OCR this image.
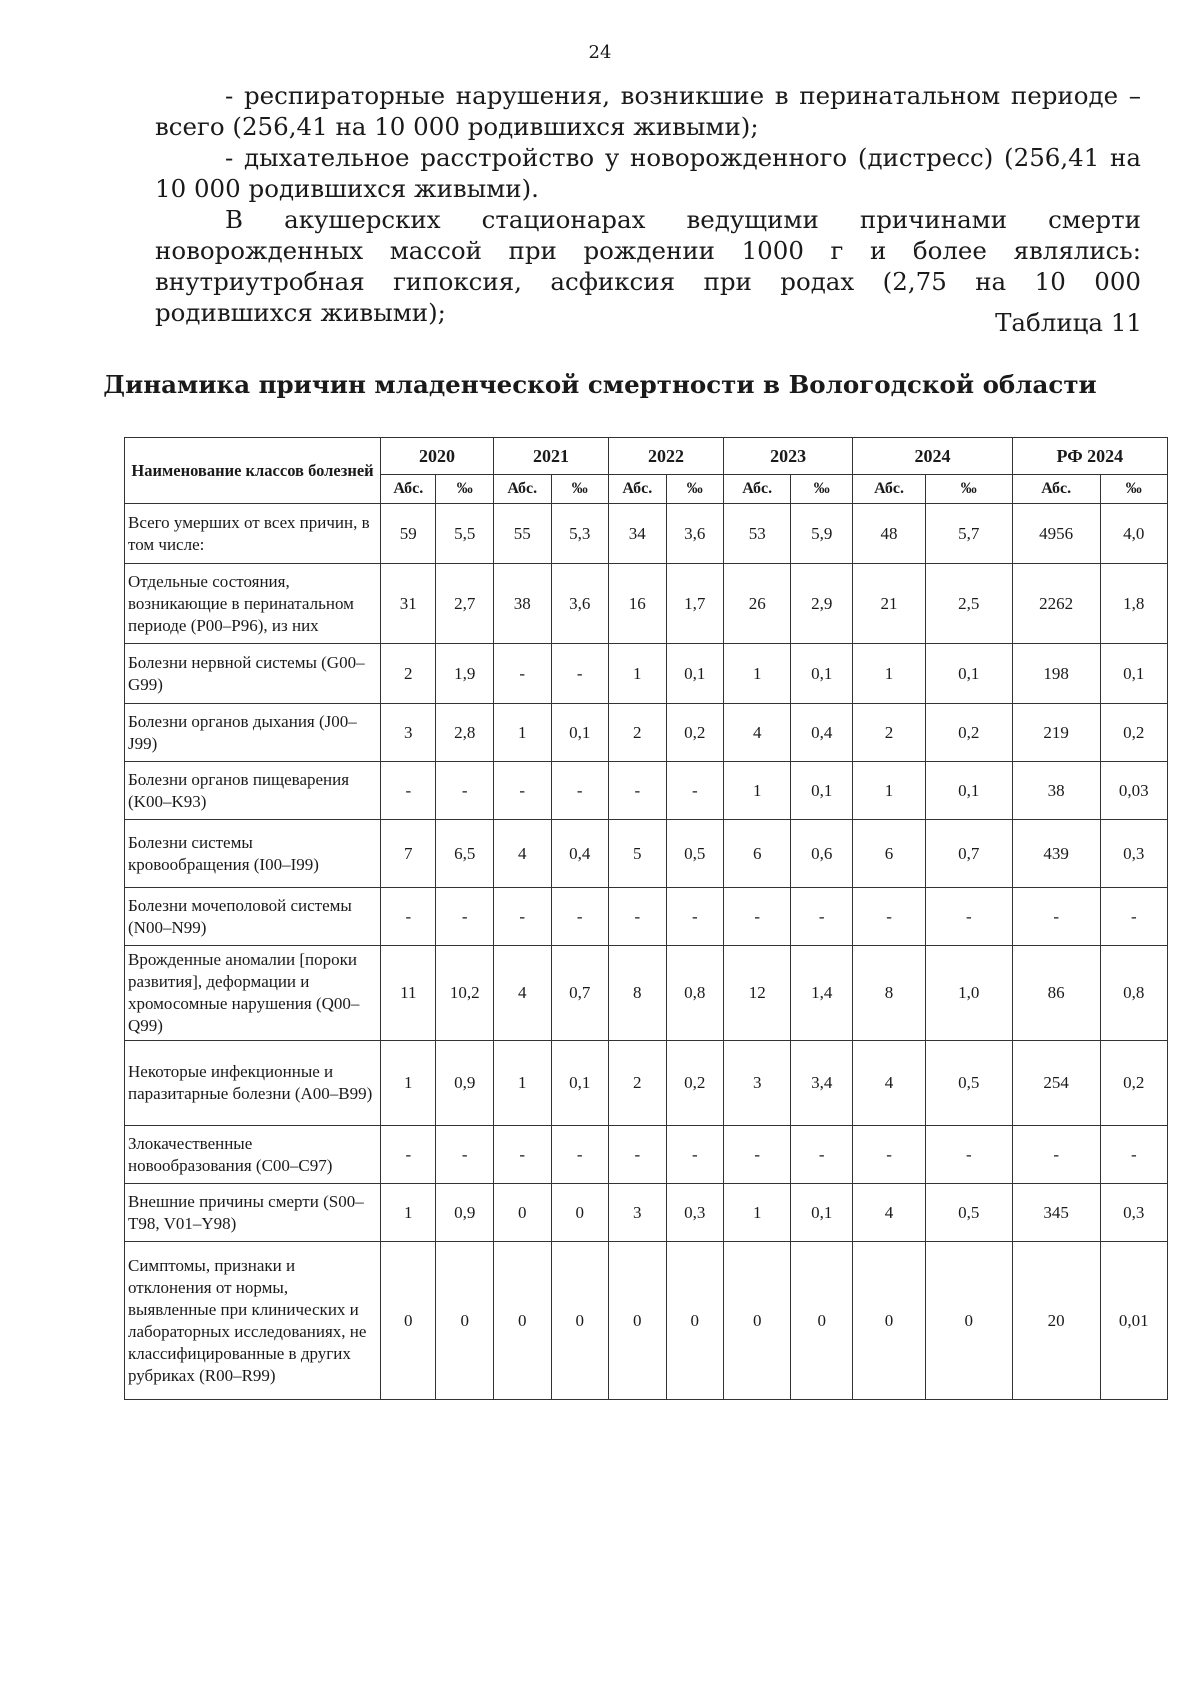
24

- респираторные нарушения, возникшие в перинатальном периоде – всего (256,41 на 10 000 родившихся живыми);

- дыхательное расстройство у новорожденного (дистресс) (256,41 на 10 000 родившихся живыми).

В акушерских стационарах ведущими причинами смерти новорожденных массой при рождении 1000 г и более являлись: внутриутробная гипоксия, асфиксия при родах (2,75 на 10 000 родившихся живыми);	Таблица 11
Динамика причин младенческой смертности в Вологодской области
Наименование классов болезней	2020		2021		2022		2023		2024		РФ 2024	
	Абс.	‰	Абс.	‰	Абс.	‰	Абс.	‰	Абс.	‰	Абс.	‰
Всего умерших от всех причин, в том числе:	59	5,5	55	5,3	34	3,6	53	5,9	48	5,7	4956	4,0
Отдельные состояния, возникающие в перинатальном периоде (P00–P96), из них	31	2,7	38	3,6	16	1,7	26	2,9	21	2,5	2262	1,8
Болезни нервной системы (G00–G99)	2	1,9	-	-	1	0,1	1	0,1	1	0,1	198	0,1
Болезни органов дыхания (J00–J99)	3	2,8	1	0,1	2	0,2	4	0,4	2	0,2	219	0,2
Болезни органов пищеварения (K00–K93)	-	-	-	-	-	-	1	0,1	1	0,1	38	0,03
Болезни системы кровообращения (I00–I99)	7	6,5	4	0,4	5	0,5	6	0,6	6	0,7	439	0,3
Болезни мочеполовой системы (N00–N99)	-	-	-	-	-	-	-	-	-	-	-	-
Врожденные аномалии [пороки развития], деформации и хромосомные нарушения (Q00–Q99)	11	10,2	4	0,7	8	0,8	12	1,4	8	1,0	86	0,8
Некоторые инфекционные и паразитарные болезни (A00–B99)	1	0,9	1	0,1	2	0,2	3	3,4	4	0,5	254	0,2
Злокачественные новообразования (C00–C97)	-	-	-	-	-	-	-	-	-	-	-	-
Внешние причины смерти (S00–T98, V01–Y98)	1	0,9	0	0	3	0,3	1	0,1	4	0,5	345	0,3
Симптомы, признаки и отклонения от нормы, выявленные при клинических и лабораторных исследованиях, не классифицированные в других рубриках (R00–R99)	0	0	0	0	0	0	0	0	0	0	20	0,01
